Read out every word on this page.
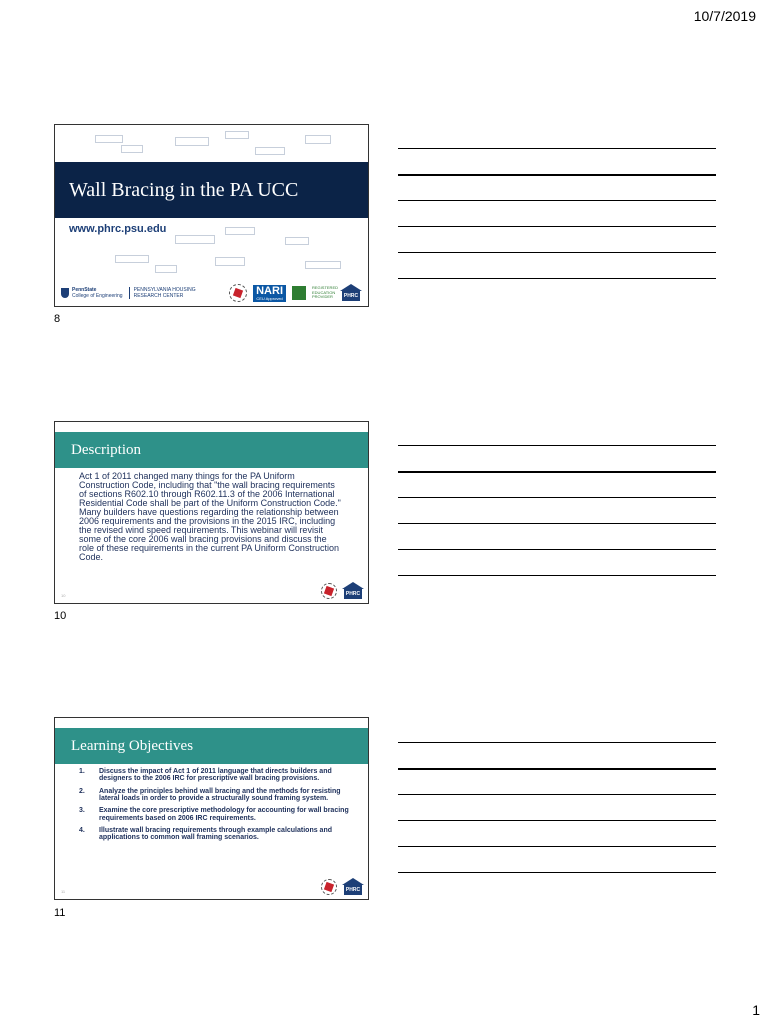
10/7/2019
Wall Bracing in the PA UCC
www.phrc.psu.edu
PennState
College of Engineering
PENNSYLVANIA HOUSING
RESEARCH CENTER	NARI
CEU Approved
REGISTERED EDUCATION PROVIDER	PHRC
8
Description
Act 1 of 2011 changed many things for the PA Uniform Construction Code, including that "the wall bracing requirements of sections R602.10 through R602.11.3 of the 2006 International Residential Code shall be part of the Uniform Construction Code." Many builders have questions regarding the relationship between 2006 requirements and the provisions in the 2015 IRC, including the revised wind speed requirements. This webinar will revisit some of the core 2006 wall bracing provisions and discuss the role of these requirements in the current PA Uniform Construction Code.
10	PHRC
10
Learning Objectives
1.	Discuss the impact of Act 1 of 2011 language that directs builders and designers to the 2006 IRC for prescriptive wall bracing provisions.
2.	Analyze the principles behind wall bracing and the methods for resisting lateral loads in order to provide a structurally sound framing system.
3.	Examine the core prescriptive methodology for accounting for wall bracing requirements based on 2006 IRC requirements.
4.	Illustrate wall bracing requirements through example calculations and applications to common wall framing scenarios.
11	PHRC
11
1
